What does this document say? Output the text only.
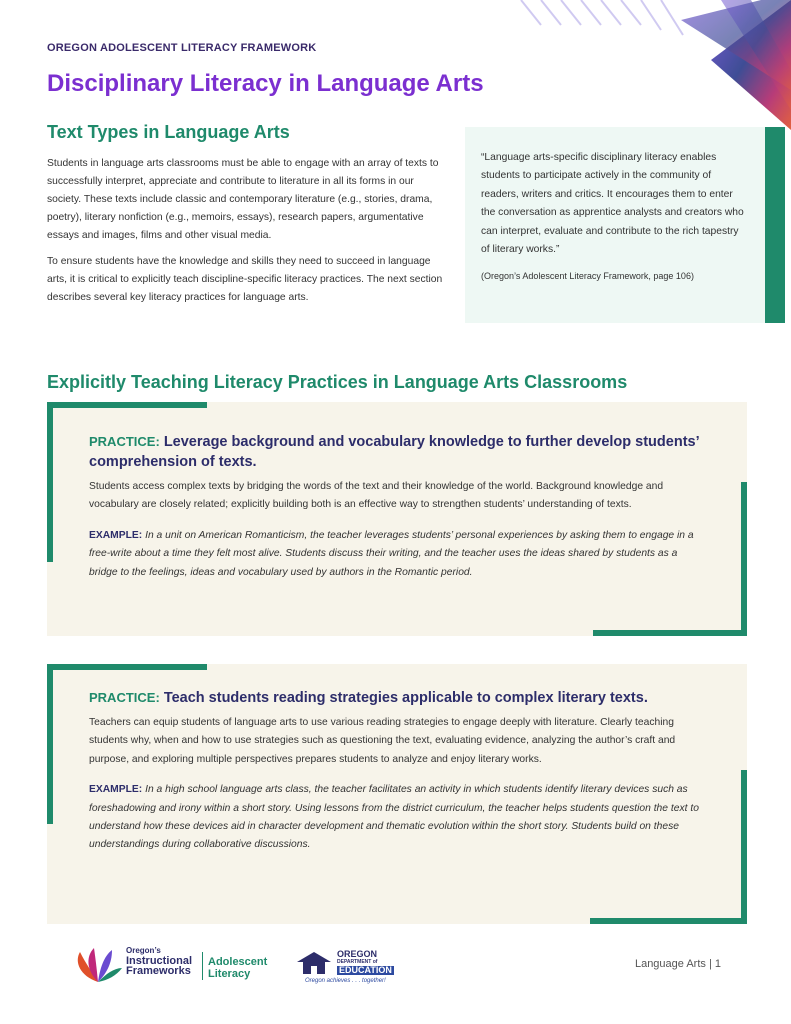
OREGON ADOLESCENT LITERACY FRAMEWORK
Disciplinary Literacy in Language Arts
Text Types in Language Arts

Students in language arts classrooms must be able to engage with an array of texts to successfully interpret, appreciate and contribute to literature in all its forms in our society. These texts include classic and contemporary literature (e.g., stories, drama, poetry), literary nonfiction (e.g., memoirs, essays), research papers, argumentative essays and images, films and other visual media.

To ensure students have the knowledge and skills they need to succeed in language arts, it is critical to explicitly teach discipline-specific literacy practices. The next section describes several key literacy practices for language arts.

“Language arts-specific disciplinary literacy enables students to participate actively in the community of readers, writers and critics. It encourages them to enter the conversation as apprentice analysts and creators who can interpret, evaluate and contribute to the rich tapestry of literary works.”

(Oregon’s Adolescent Literacy Framework, page 106)
Explicitly Teaching Literacy Practices in Language Arts Classrooms

PRACTICE: Leverage background and vocabulary knowledge to further develop students’ comprehension of texts.

Students access complex texts by bridging the words of the text and their knowledge of the world. Background knowledge and vocabulary are closely related; explicitly building both is an effective way to strengthen students’ understanding of texts.

EXAMPLE: In a unit on American Romanticism, the teacher leverages students’ personal experiences by asking them to engage in a free-write about a time they felt most alive. Students discuss their writing, and the teacher uses the ideas shared by students as a bridge to the feelings, ideas and vocabulary used by authors in the Romantic period.

PRACTICE: Teach students reading strategies applicable to complex literary texts.

Teachers can equip students of language arts to use various reading strategies to engage deeply with literature. Clearly teaching students why, when and how to use strategies such as questioning the text, evaluating evidence, analyzing the author’s craft and purpose, and exploring multiple perspectives prepares students to analyze and enjoy literary works.

EXAMPLE: In a high school language arts class, the teacher facilitates an activity in which students identify literary devices such as foreshadowing and irony within a short story. Using lessons from the district curriculum, the teacher helps students question the text to understand how these devices aid in character development and thematic evolution within the short story. Students build on these understandings during collaborative discussions.

Oregon’s
Instructional
Frameworks
Adolescent
Literacy
OREGON
DEPARTMENT of
EDUCATION
Oregon achieves . . . together!
Language Arts | 1
